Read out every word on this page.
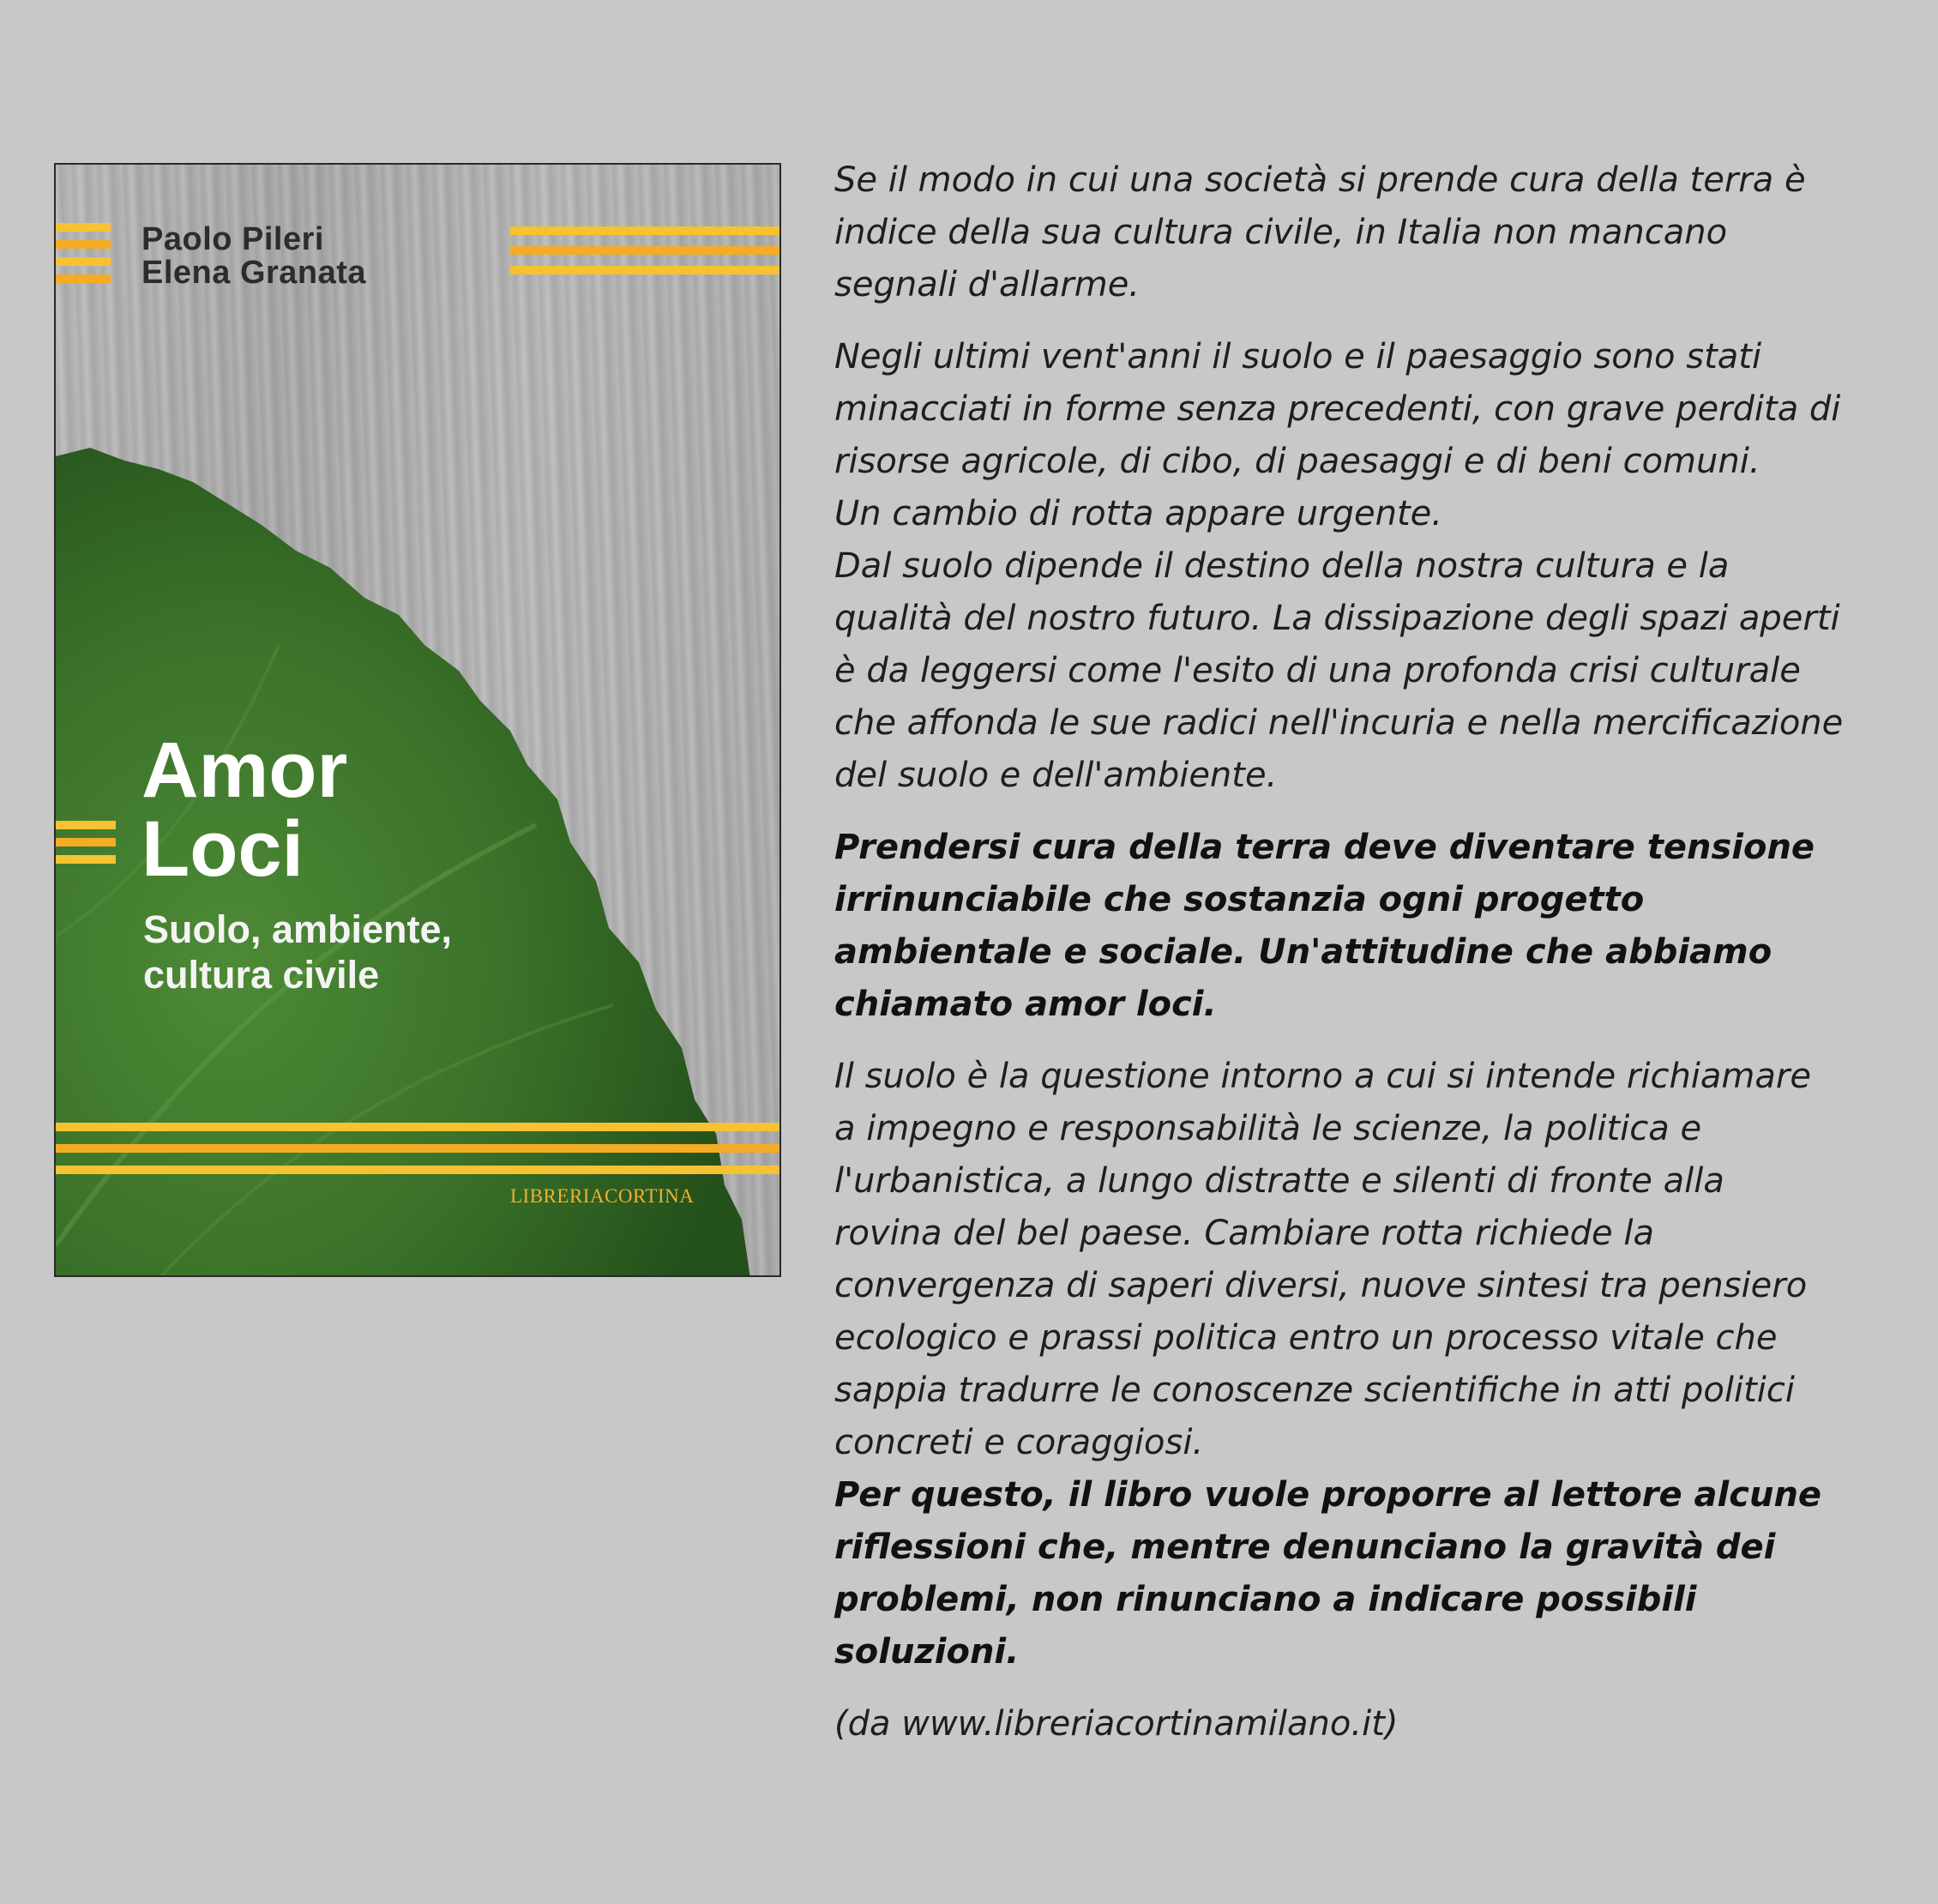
Paolo Pileri
Elena Granata
Amor
Loci
Suolo, ambiente,
cultura civile
LIBRERIACORTINA

Se il modo in cui una società si prende cura della terra è
indice della sua cultura civile, in Italia non mancano
segnali d'allarme.

Negli ultimi vent'anni il suolo e il paesaggio sono stati
minacciati in forme senza precedenti, con grave perdita di
risorse agricole, di cibo, di paesaggi e di beni comuni.
Un cambio di rotta appare urgente.
Dal suolo dipende il destino della nostra cultura e la
qualità del nostro futuro. La dissipazione degli spazi aperti
è da leggersi come l'esito di una profonda crisi culturale
che affonda le sue radici nell'incuria e nella mercificazione
del suolo e dell'ambiente.

Prendersi cura della terra deve diventare tensione
irrinunciabile che sostanzia ogni progetto
ambientale e sociale. Un'attitudine che abbiamo
chiamato amor loci.

Il suolo è la questione intorno a cui si intende richiamare
a impegno e responsabilità le scienze, la politica e
l'urbanistica, a lungo distratte e silenti di fronte alla
rovina del bel paese. Cambiare rotta richiede la
convergenza di saperi diversi, nuove sintesi tra pensiero
ecologico e prassi politica entro un processo vitale che
sappia tradurre le conoscenze scientifiche in atti politici
concreti e coraggiosi.
Per questo, il libro vuole proporre al lettore alcune
riflessioni che, mentre denunciano la gravità dei
problemi, non rinunciano a indicare possibili
soluzioni.

(da www.libreriacortinamilano.it)
